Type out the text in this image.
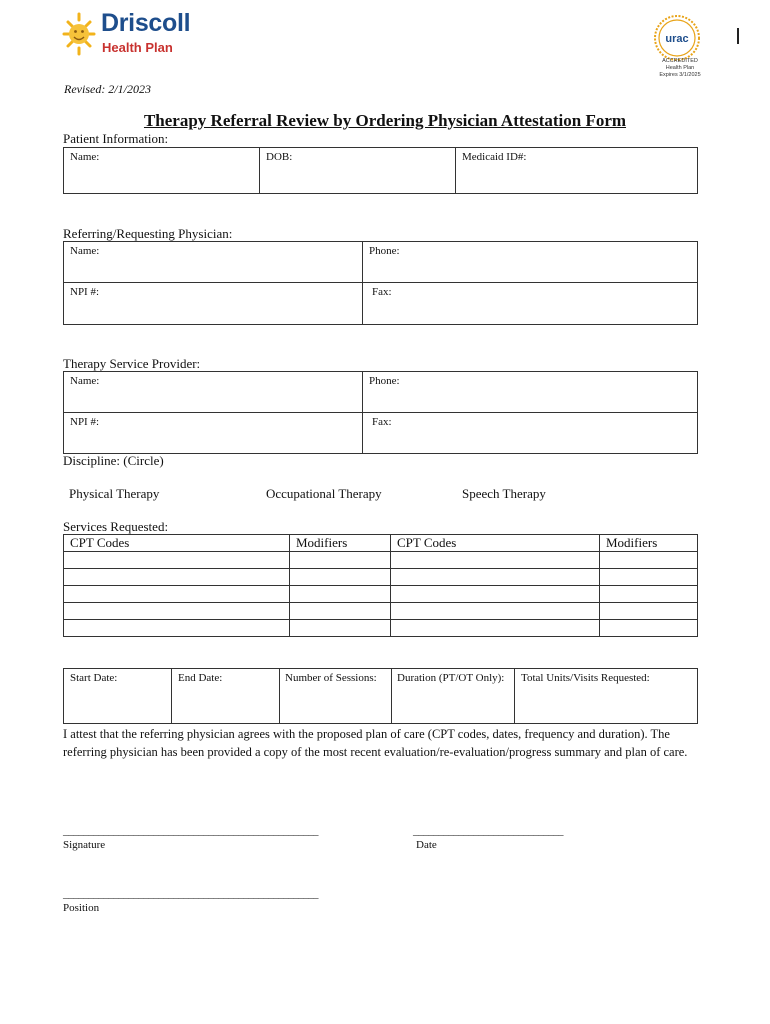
Driscoll
Health Plan
urac
ACCREDITED
Health Plan
Expires 3/1/2025
Revised: 2/1/2023
Therapy Referral Review by Ordering Physician Attestation Form
Patient Information:
Name:	DOB:	Medicaid ID#:
Referring/Requesting Physician:
Name:	Phone:
NPI #:	Fax:
Therapy Service Provider:
Name:	Phone:
NPI #:	Fax:
Discipline: (Circle)
Physical Therapy	Occupational Therapy	Speech Therapy
Services Requested:
CPT Codes	Modifiers	CPT Codes	Modifiers

Start Date:	End Date:	Number of Sessions:	Duration (PT/OT Only):	Total Units/Visits Requested:
I attest that the referring physician agrees with the proposed plan of care (CPT codes, dates, frequency and duration). The referring physician has been provided a copy of the most recent evaluation/re-evaluation/progress summary and plan of care.
___________________________________________________
Signature
______________________________
Date
___________________________________________________
Position
